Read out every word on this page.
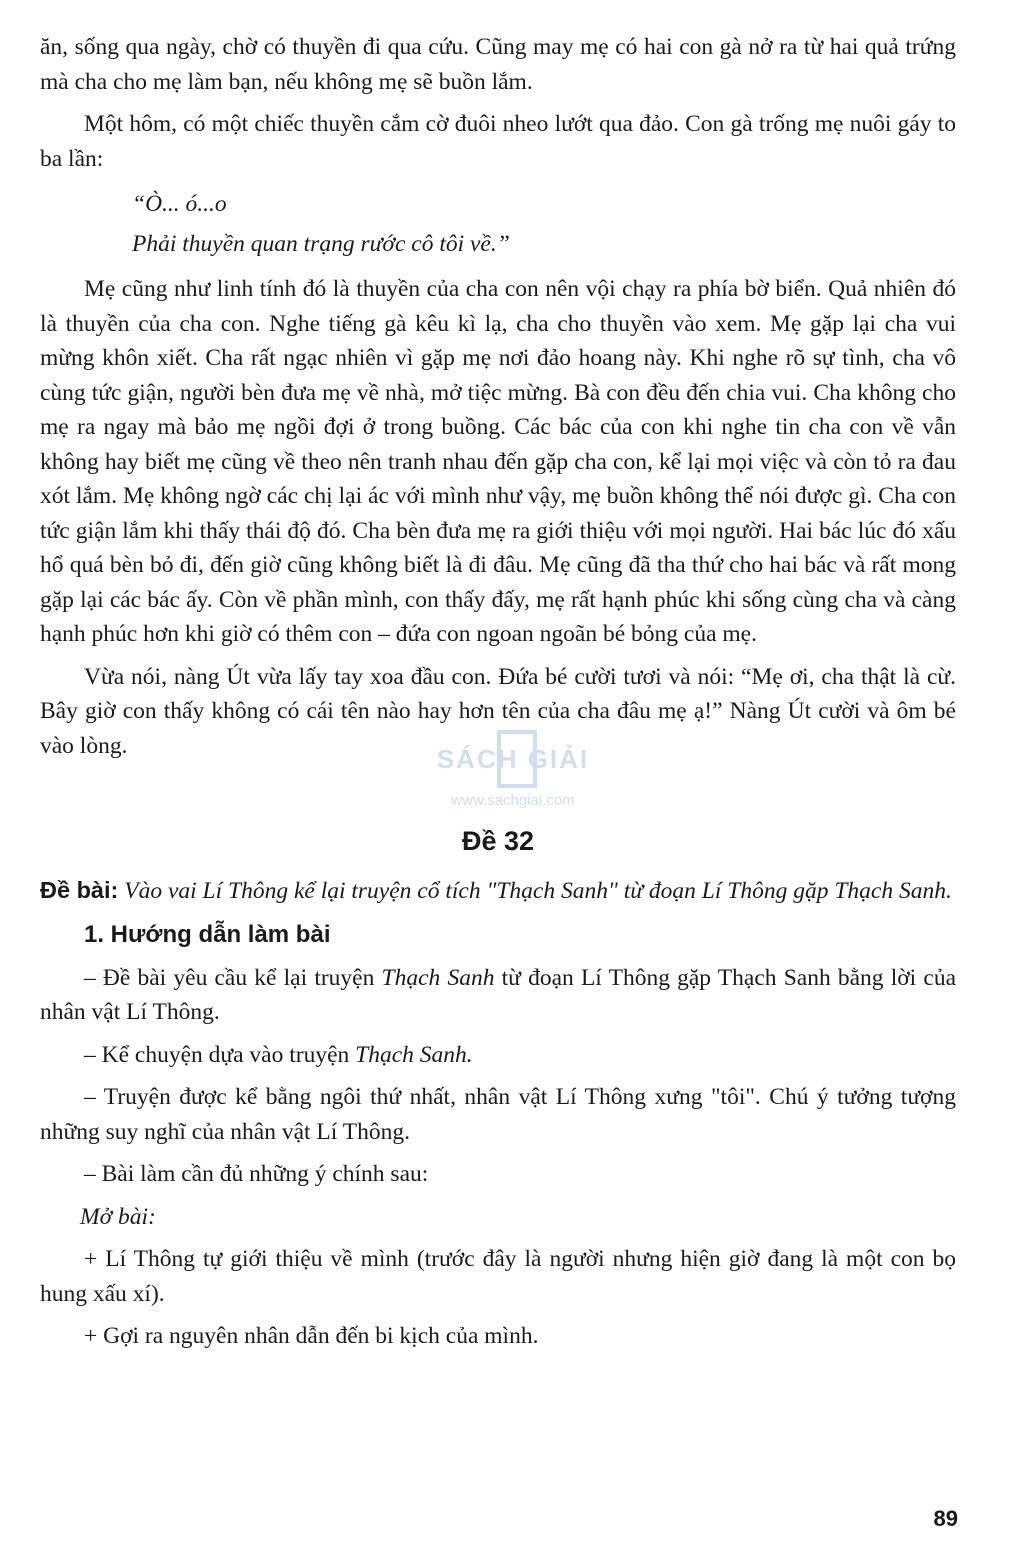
ăn, sống qua ngày, chờ có thuyền đi qua cứu. Cũng may mẹ có hai con gà nở ra từ hai quả trứng mà cha cho mẹ làm bạn, nếu không mẹ sẽ buồn lắm.

Một hôm, có một chiếc thuyền cắm cờ đuôi nheo lướt qua đảo. Con gà trống mẹ nuôi gáy to ba lần:

“Ò... ó...o
Phải thuyền quan trạng rước cô tôi về.”

Mẹ cũng như linh tính đó là thuyền của cha con nên vội chạy ra phía bờ biển. Quả nhiên đó là thuyền của cha con. Nghe tiếng gà kêu kì lạ, cha cho thuyền vào xem. Mẹ gặp lại cha vui mừng khôn xiết. Cha rất ngạc nhiên vì gặp mẹ nơi đảo hoang này. Khi nghe rõ sự tình, cha vô cùng tức giận, người bèn đưa mẹ về nhà, mở tiệc mừng. Bà con đều đến chia vui. Cha không cho mẹ ra ngay mà bảo mẹ ngồi đợi ở trong buồng. Các bác của con khi nghe tin cha con về vẫn không hay biết mẹ cũng về theo nên tranh nhau đến gặp cha con, kể lại mọi việc và còn tỏ ra đau xót lắm. Mẹ không ngờ các chị lại ác với mình như vậy, mẹ buồn không thể nói được gì. Cha con tức giận lắm khi thấy thái độ đó. Cha bèn đưa mẹ ra giới thiệu với mọi người. Hai bác lúc đó xấu hổ quá bèn bỏ đi, đến giờ cũng không biết là đi đâu. Mẹ cũng đã tha thứ cho hai bác và rất mong gặp lại các bác ấy. Còn về phần mình, con thấy đấy, mẹ rất hạnh phúc khi sống cùng cha và càng hạnh phúc hơn khi giờ có thêm con – đứa con ngoan ngoãn bé bỏng của mẹ.

Vừa nói, nàng Út vừa lấy tay xoa đầu con. Đứa bé cười tươi và nói: “Mẹ ơi, cha thật là cừ. Bây giờ con thấy không có cái tên nào hay hơn tên của cha đâu mẹ ạ!” Nàng Út cười và ôm bé vào lòng.

Đề 32

Đề bài: Vào vai Lí Thông kể lại truyện cổ tích "Thạch Sanh" từ đoạn Lí Thông gặp Thạch Sanh.

1. Hướng dẫn làm bài

– Đề bài yêu cầu kể lại truyện Thạch Sanh từ đoạn Lí Thông gặp Thạch Sanh bằng lời của nhân vật Lí Thông.

– Kể chuyện dựa vào truyện Thạch Sanh.

– Truyện được kể bằng ngôi thứ nhất, nhân vật Lí Thông xưng "tôi". Chú ý tưởng tượng những suy nghĩ của nhân vật Lí Thông.

– Bài làm cần đủ những ý chính sau:

Mở bài:

+ Lí Thông tự giới thiệu về mình (trước đây là người nhưng hiện giờ đang là một con bọ hung xấu xí).

+ Gợi ra nguyên nhân dẫn đến bi kịch của mình.

SÁCH GIẢI
www.sachgiai.com
89
